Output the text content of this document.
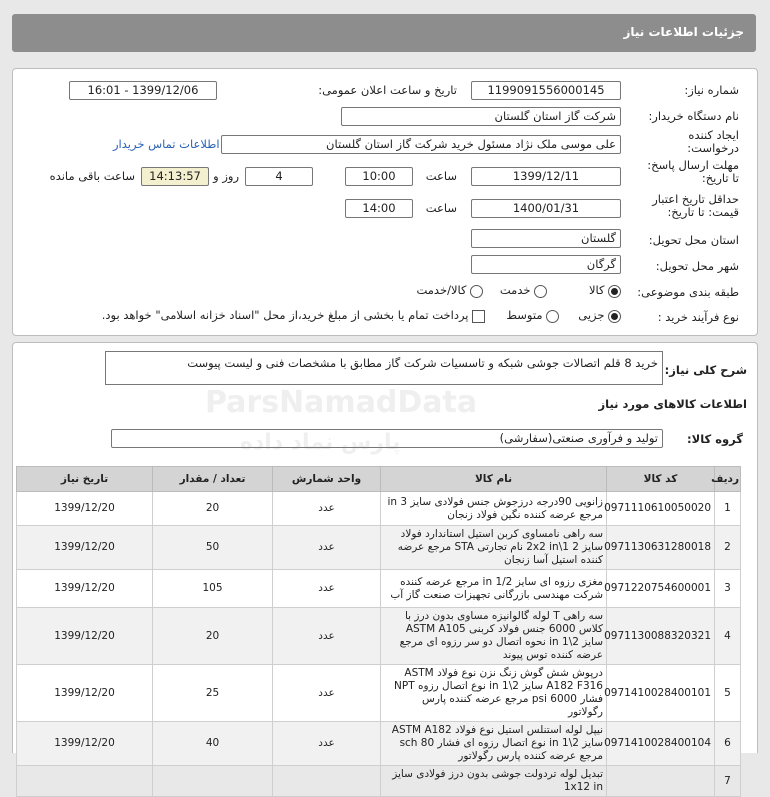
جزئیات اطلاعات نیاز
شماره نیاز:
1199091556000145
تاریخ و ساعت اعلان عمومی:
1399/12/06 - 16:01
نام دستگاه خریدار:
شرکت گاز استان گلستان
ایجاد کننده درخواست:
علی موسی ملک نژاد مسئول خرید شرکت گاز استان گلستان
اطلاعات تماس خریدار
مهلت ارسال پاسخ: تا تاریخ:
1399/12/11
ساعت
10:00
4
روز و
14:13:57
ساعت باقی مانده
حداقل تاریخ اعتبار قیمت: تا تاریخ:
1400/01/31
ساعت
14:00
استان محل تحویل:
گلستان
شهر محل تحویل:
گرگان
طبقه بندی موضوعی:
کالا
خدمت
کالا/خدمت
نوع فرآیند خرید :
جزیی
متوسط
پرداخت تمام یا بخشی از مبلغ خرید،از محل "اسناد خزانه اسلامی" خواهد بود.
شرح کلی نیاز:
خرید 8 قلم اتصالات جوشی شبکه و تاسسیات شرکت گاز مطابق با مشخصات فنی و لیست پیوست
اطلاعات کالاهای مورد نیاز
گروه کالا:
تولید و فرآوری صنعتی(سفارشی)
ردیف	کد کالا	نام کالا	واحد شمارش	تعداد / مقدار	تاریخ نیاز
1	0971110610050020	زانویی 90درجه درزجوش جنس فولادی سایز 3 in مرجع عرضه کننده نگین فولاد زنجان	عدد	20	1399/12/20
2	0971130631280018	سه راهی نامساوی کربن استیل استاندارد فولاد سایز 2 2x2 in\1 نام تجارتی STA مرجع عرضه کننده استیل آسا زنجان	عدد	50	1399/12/20
3	0971220754600001	مغزی رزوه ای سایز 1/2 in مرجع عرضه کننده شرکت مهندسی بازرگانی تجهیزات صنعت گاز آب	عدد	105	1399/12/20
4	0971130088320321	سه راهی T لوله گالوانیزه مساوی بدون درز با کلاس 6000 جنس فولاد کربنی ASTM A105 سایز 2\1 in نحوه اتصال دو سر رزوه ای مرجع عرضه کننده توس پیوند	عدد	20	1399/12/20
5	0971410028400101	درپوش شش گوش زنگ نزن نوع فولاد ASTM A182 F316 سایز 2\1 in نوع اتصال رزوه NPT فشار 6000 psi مرجع عرضه کننده پارس رگولاتور	عدد	25	1399/12/20
6	0971410028400104	نیپل لوله استنلس استیل نوع فولاد ASTM A182 سایز 2\1 in نوع اتصال رزوه ای فشار sch 80 مرجع عرضه کننده پارس رگولاتور	عدد	40	1399/12/20
7		تبدیل لوله تردولت جوشی بدون درز فولادی سایز 1x12 in			
